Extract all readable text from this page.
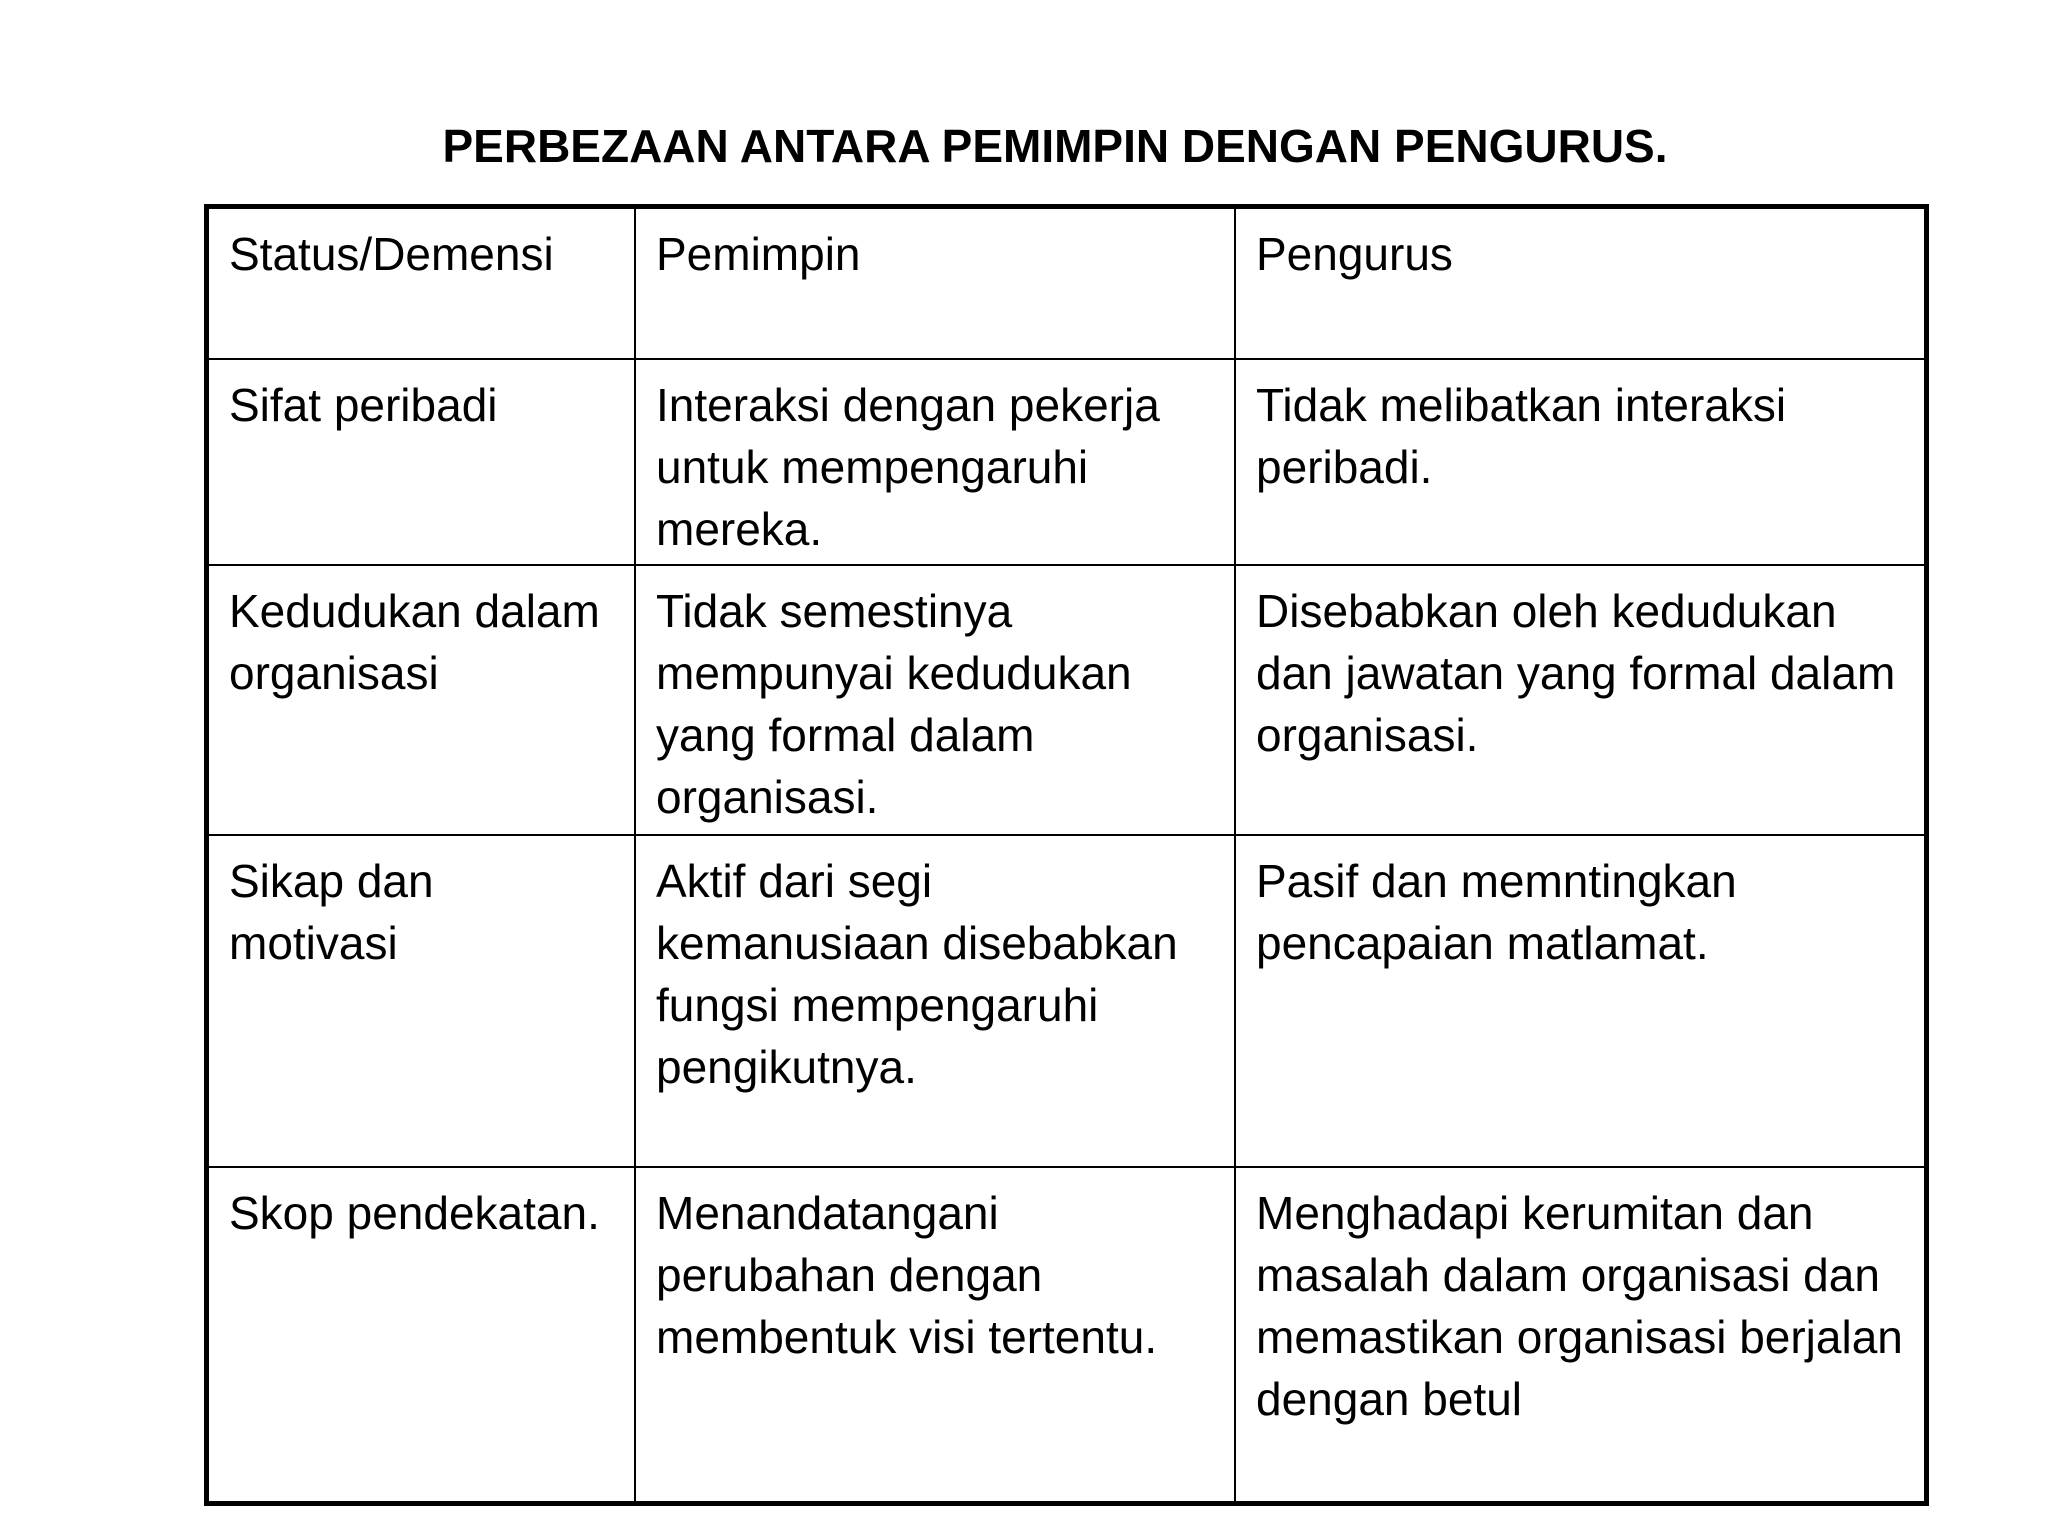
PERBEZAAN ANTARA PEMIMPIN DENGAN PENGURUS.
Status/Demensi	Pemimpin	Pengurus
Sifat peribadi	Interaksi dengan pekerja untuk mempengaruhi mereka.	Tidak melibatkan interaksi peribadi.
Kedudukan dalam organisasi	Tidak semestinya mempunyai kedudukan yang formal dalam organisasi.	Disebabkan oleh kedudukan dan jawatan yang formal dalam organisasi.
Sikap dan motivasi	Aktif dari segi kemanusiaan disebabkan fungsi mempengaruhi pengikutnya.	Pasif dan memntingkan pencapaian matlamat.
Skop pendekatan.	Menandatangani perubahan dengan membentuk visi tertentu.	Menghadapi kerumitan dan masalah dalam organisasi dan memastikan organisasi berjalan dengan betul
